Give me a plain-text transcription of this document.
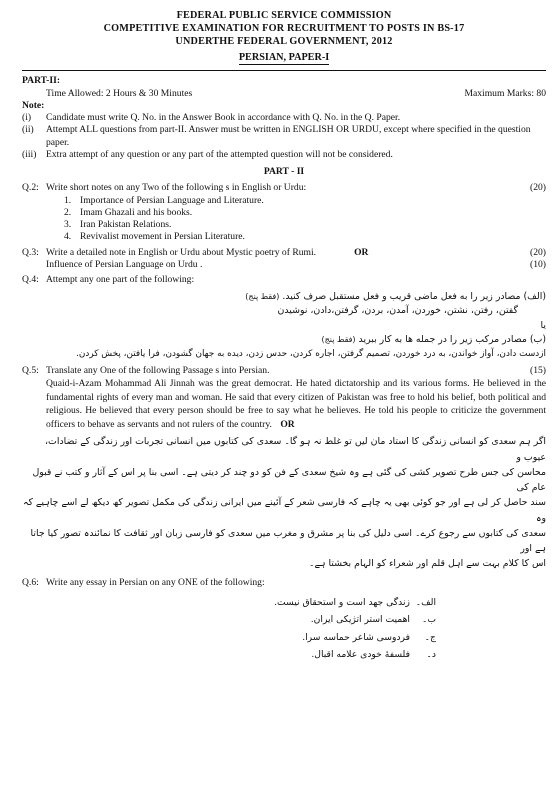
FEDERAL PUBLIC SERVICE COMMISSION
COMPETITIVE EXAMINATION FOR RECRUITMENT TO POSTS IN BS-17
UNDERTHE FEDERAL GOVERNMENT, 2012
PERSIAN, PAPER-I
PART-II:
Time Allowed: 2 Hours & 30 Minutes	Maximum Marks: 80
Note:
(i)	Candidate must write Q. No. in the Answer Book in accordance with Q. No. in the Q. Paper.
(ii)	Attempt ALL questions from part-II. Answer must be written in ENGLISH OR URDU, except where specified in the question paper.
(iii)	Extra attempt of any question or any part of the attempted question will not be considered.
PART - II
Q.2: Write short notes on any Two of the following s in English or Urdu:	(20)
1. Importance of Persian Language and Literature.
2. Imam Ghazali and his books.
3. Iran Pakistan Relations.
4. Revivalist movement in Persian Literature.
Q.3: Write a detailed note in English or Urdu about Mystic poetry of Rumi.	OR	(20)
Influence of Persian Language on Urdu .	(10)
Q.4: Attempt any one part of the following:
(الف) مصادر زیر را به فعل ماضی قریب و فعل مستقبل صرف کنید. (فقط پنج)
گفتن، رفتن، نشتن، خوردن، آمدن، بردن، گرفتن،دادن، نوشیدن
یا
(ب) مصادر مرکب زیر را در جمله ها به کار ببرید (فقط پنج)
ازدست دادن، آواز خواندن، به درد خوردن، تصمیم گرفتن، اجاره کردن، حدس زدن، دیده به جهان گشودن، فرا یافتن، پخش کردن.
Q.5: Translate any One of the following Passage s into Persian.	(15)
Quaid-i-Azam Mohammad Ali Jinnah was the great democrat. He hated dictatorship and its various forms. He believed in the fundamental rights of every man and woman. He said that every citizen of Pakistan was free to hold his belief, both political and religious. He believed that every person should be free to say what he believes. He told his people to criticize the government officers to behave as servants and not rulers of the country. OR
اگر ہم سعدی کو انسانی زندگی کا استاد مان لیں تو غلط نہ ہو گا۔ سعدی کی کتابوں میں انسانی تجربات اور زندگی کے تضادات، عیوب و
محاسن کی جس طرح تصویر کشی کی گئی ہے وہ شیخ سعدی کے فن کو دو چند کر دیتی ہے۔ اسی بنا پر اس کے آثار و کتب نے قبول عام کی
سند حاصل کر لی ہے اور جو کوئی بھی یہ چاہے کہ فارسی شعر کے آئینے میں ایرانی زندگی کی مکمل تصویر کھ دیکھ لے اسے چاہیے کہ وہ
سعدی کی کتابوں سے رجوع کرے۔ اسی دلیل کی بنا پر مشرق و مغرب میں سعدی کو فارسی زبان اور ثقافت کا نمائندہ تصور کیا جاتا ہے اور
اس کا کلام بہت سے اہل قلم اور شعراء کو الہام بخشتا ہے۔
Q.6: Write any essay in Persian on any ONE of the following:
الف۔
زندگی جهد است و استحقاق نیست.
ب۔
اهمیت استر اتژیکی ایران.
ج۔
فردوسی شاعر حماسه سرا.
د۔
فلسفهٔ خودی علامه اقبال.
